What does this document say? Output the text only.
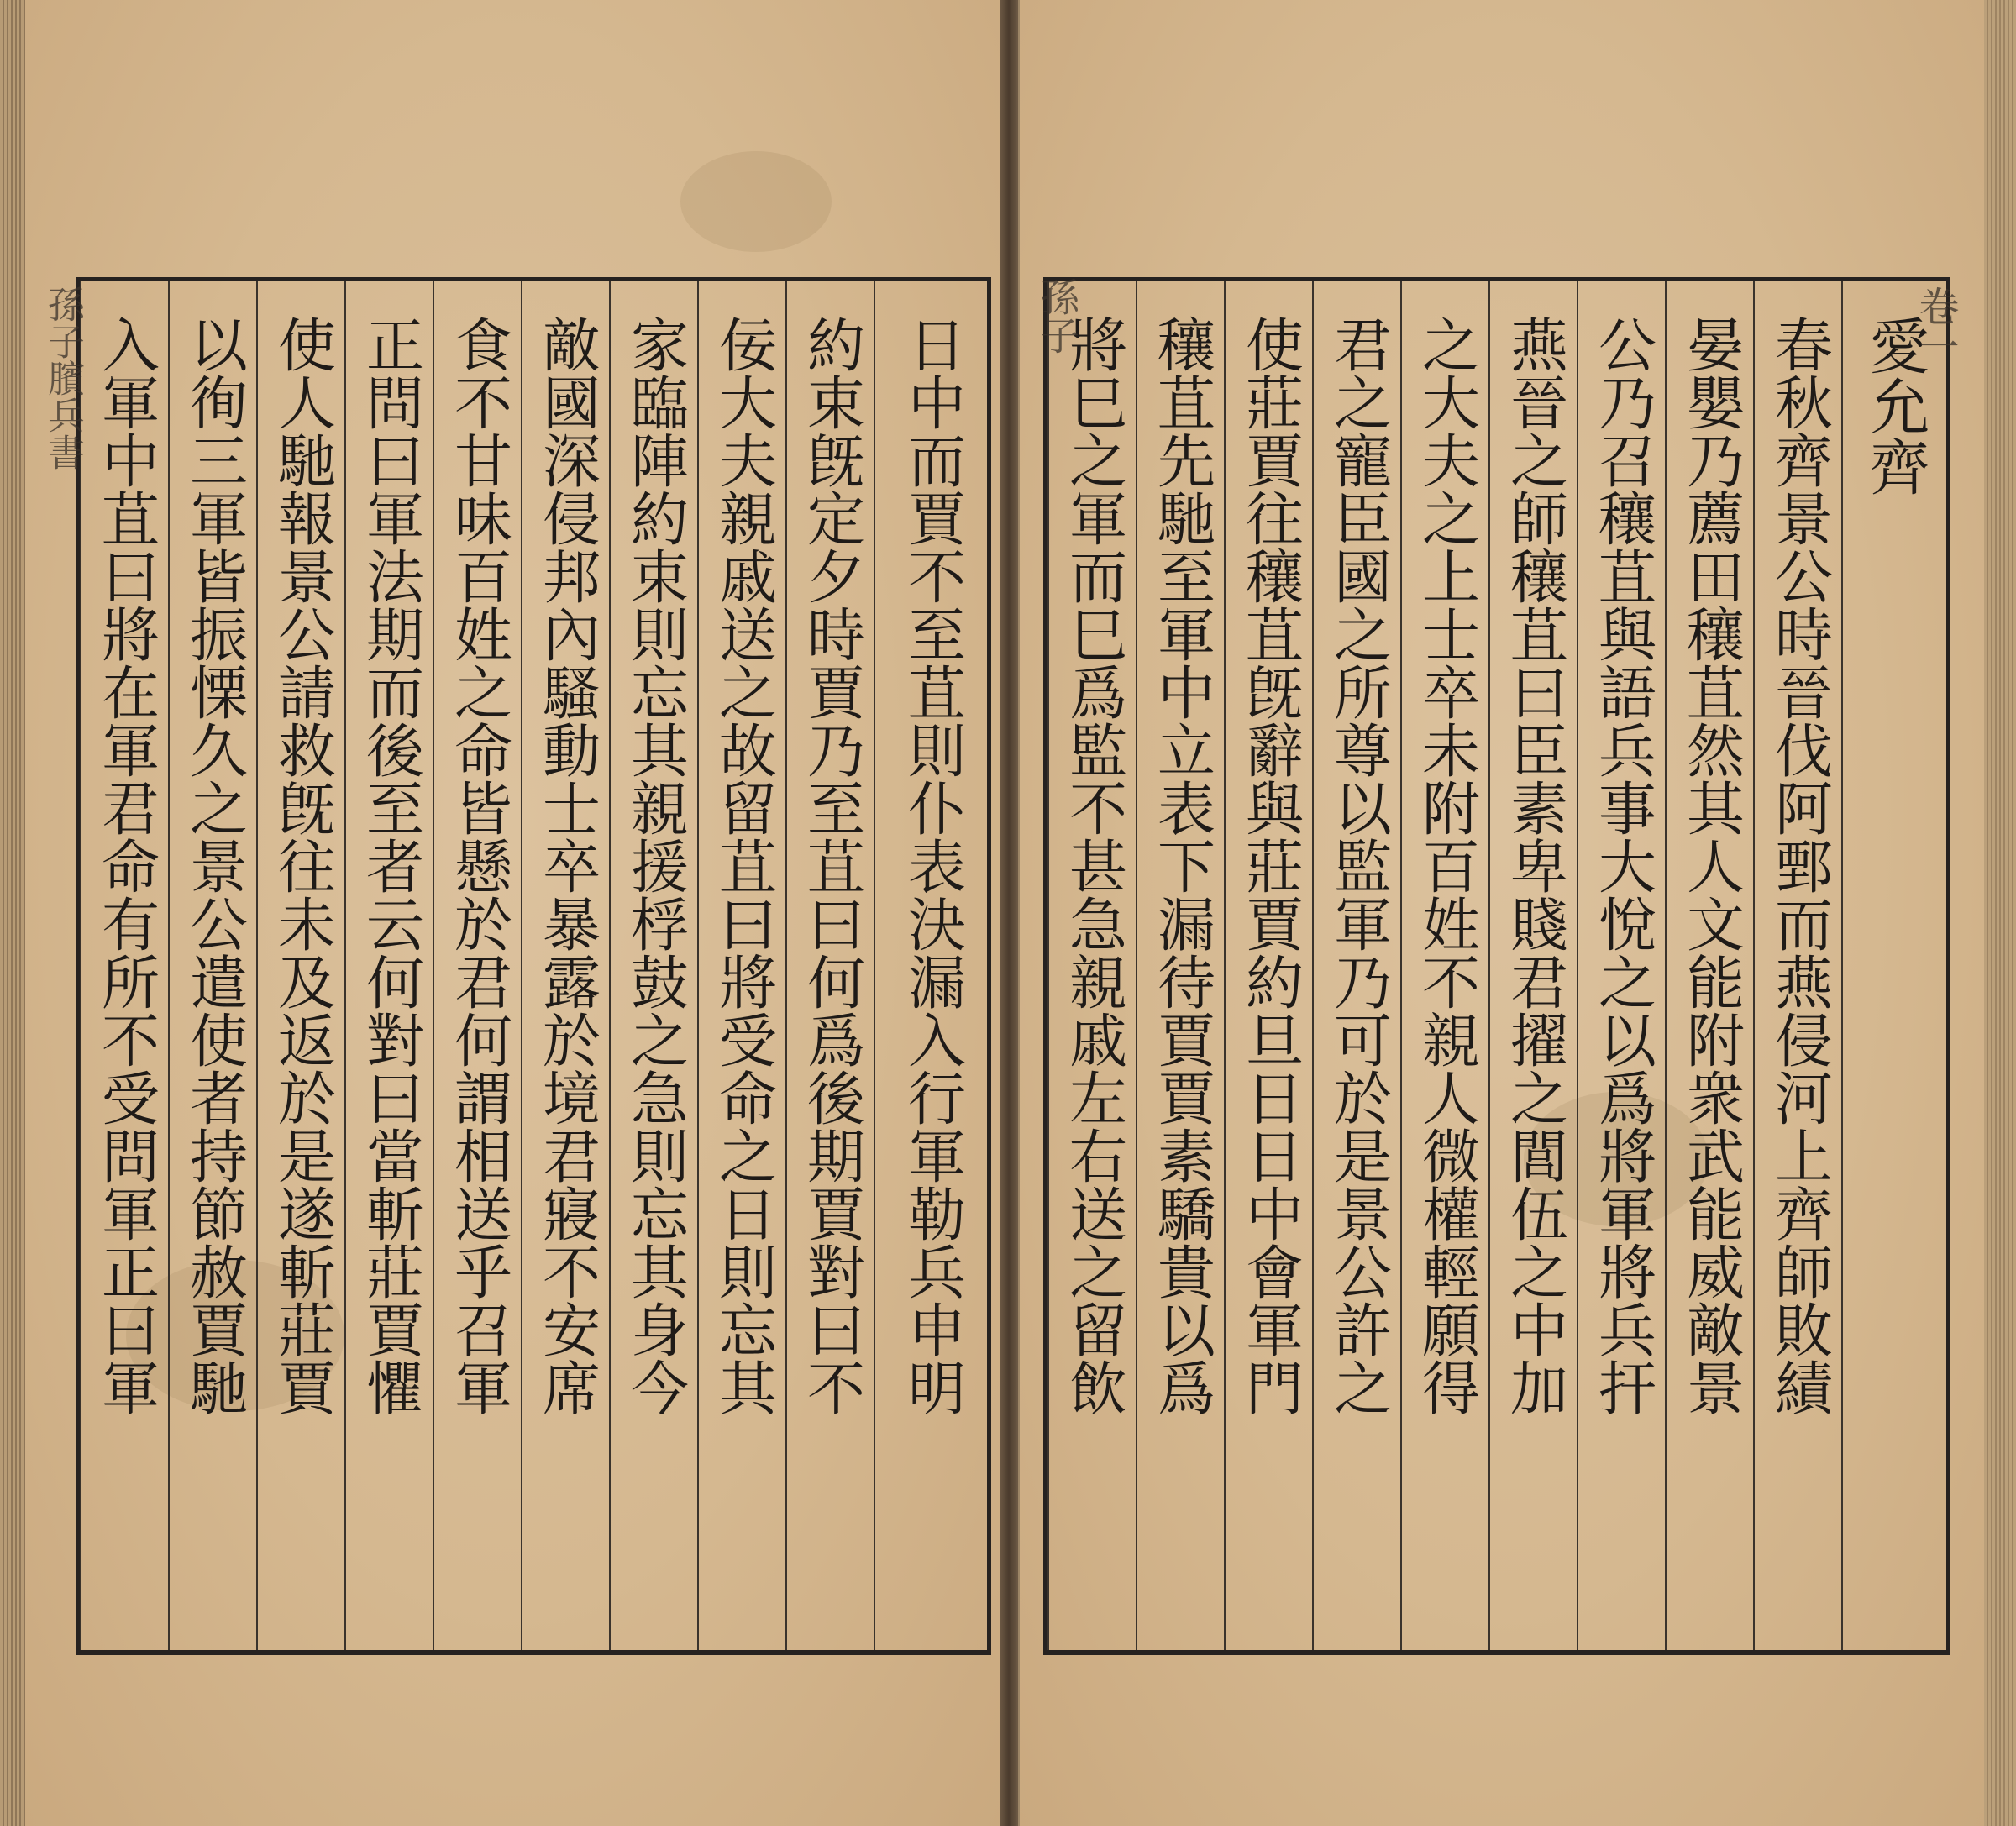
入軍中苴曰將在軍君命有所不受問軍正曰軍 以徇三軍皆振慄久之景公遣使者持節赦賈馳 使人馳報景公請救旣往未及返於是遂斬莊賈 正問曰軍法期而後至者云何對曰當斬莊賈懼 食不甘味百姓之命皆懸於君何謂相送乎召軍 敵國深侵邦內騷動士卒暴露於境君寢不安席 家臨陣約束則忘其親援桴鼓之急則忘其身今 佞大夫親戚送之故留苴曰將受命之日則忘其 約束旣定夕時賈乃至苴曰何爲後期賈對曰不 日中而賈不至苴則仆表決漏入行軍勒兵申明
孫子臏兵書	將巳之軍而巳爲監不甚急親戚左右送之留飲 穰苴先馳至軍中立表下漏待賈賈素驕貴以爲 使莊賈往穰苴旣辭與莊賈約旦日日中會軍門 君之寵臣國之所尊以監軍乃可於是景公許之 之大夫之上士卒未附百姓不親人微權輕願得 燕晉之師穰苴曰臣素卑賤君擢之閭伍之中加 公乃召穰苴與語兵事大悅之以爲將軍將兵扞 晏嬰乃薦田穰苴然其人文能附衆武能威敵景 春秋齊景公時晉伐阿鄄而燕侵河上齊師敗績 愛允齊
孫子	卷一
